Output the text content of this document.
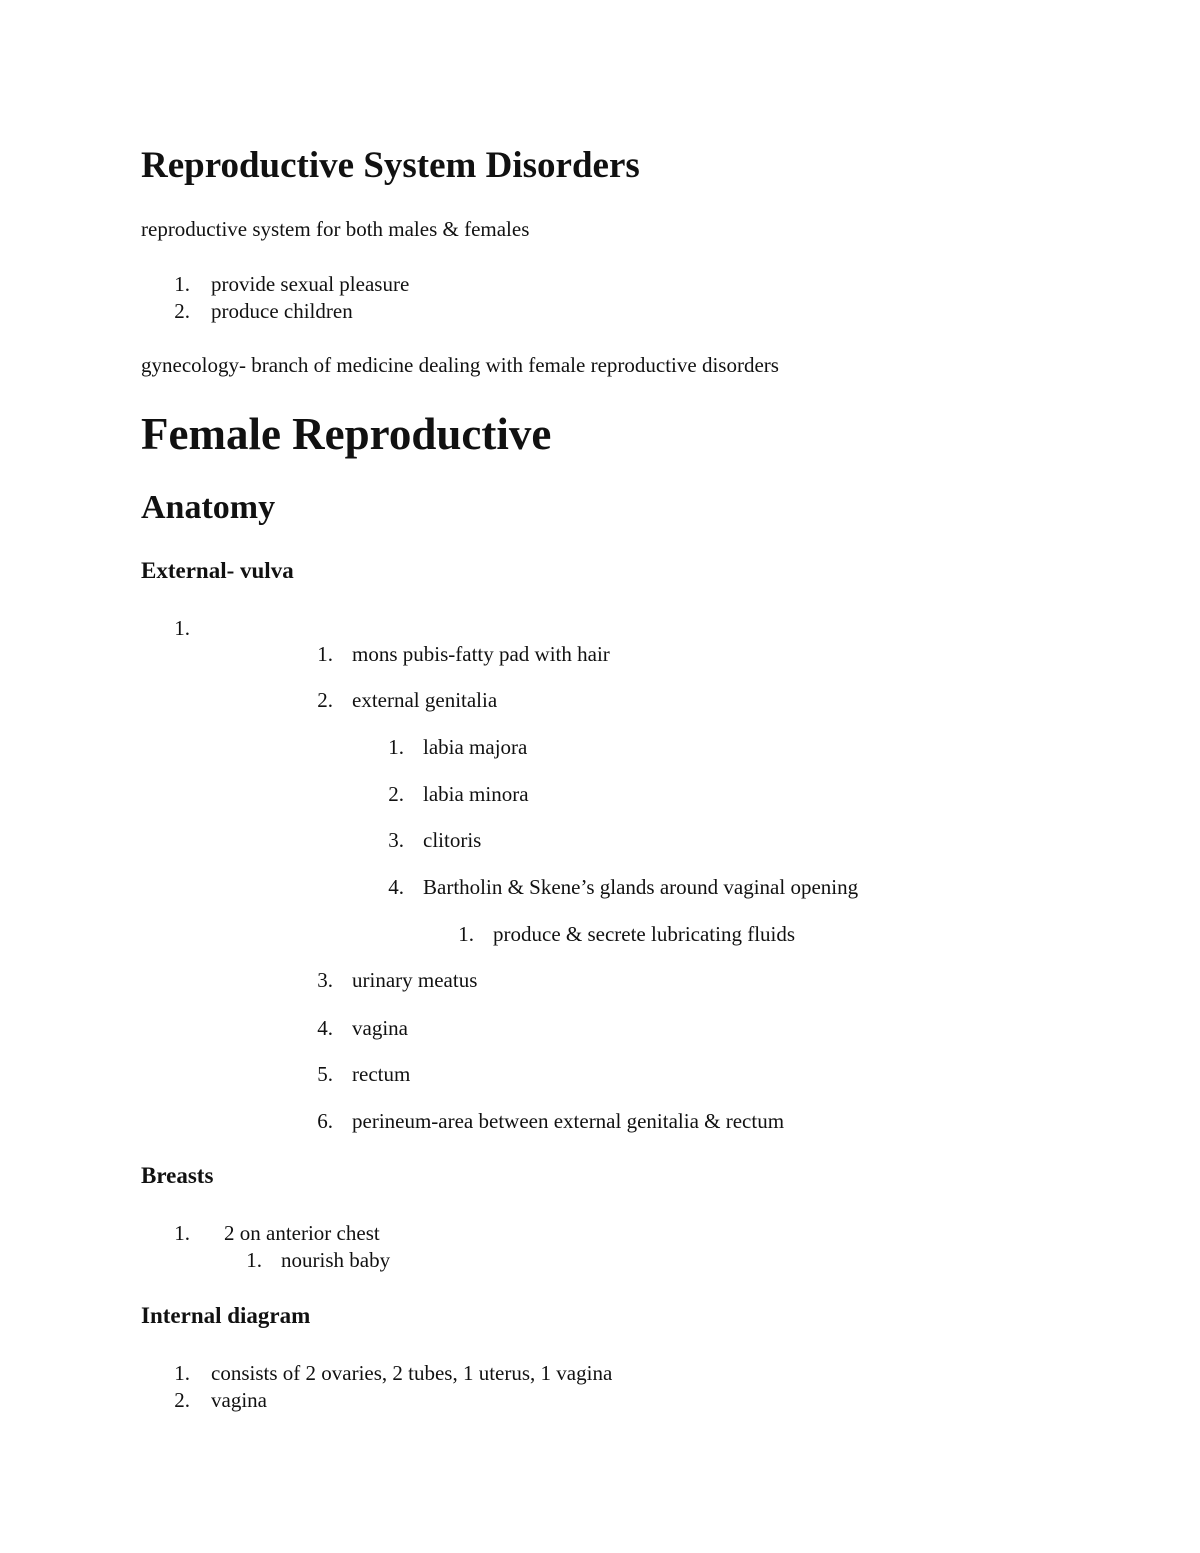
Reproductive System Disorders

reproductive system for both males & females

1. provide sexual pleasure
2. produce children

gynecology- branch of medicine dealing with female reproductive disorders

Female Reproductive
Anatomy
External- vulva
1.
1. mons pubis-fatty pad with hair
2. external genitalia
1. labia majora
2. labia minora
3. clitoris
4. Bartholin & Skene’s glands around vaginal opening
1. produce & secrete lubricating fluids
3. urinary meatus
4. vagina
5. rectum
6. perineum-area between external genitalia & rectum
Breasts
1. 2 on anterior chest
1. nourish baby
Internal diagram
1. consists of 2 ovaries, 2 tubes, 1 uterus, 1 vagina
2. vagina
